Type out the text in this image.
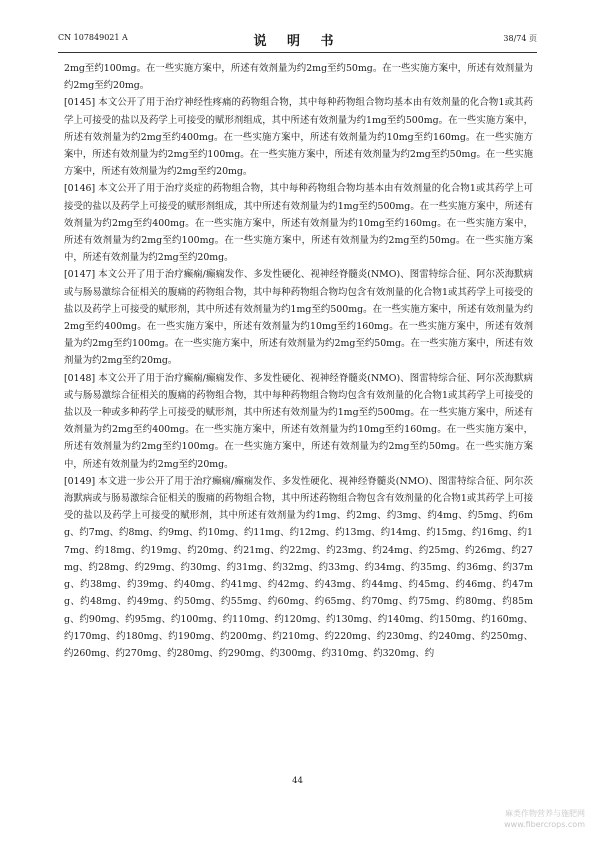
CN 107849021 A	说 明 书	38/74 页

2mg至约100mg。在一些实施方案中，所述有效剂量为约2mg至约50mg。在一些实施方案中，所述有效剂量为约2mg至约20mg。

[0145] 本文公开了用于治疗神经性疼痛的药物组合物，其中每种药物组合物均基本由有效剂量的化合物1或其药学上可接受的盐以及药学上可接受的赋形剂组成，其中所述有效剂量为约1mg至约500mg。在一些实施方案中，所述有效剂量为约2mg至约400mg。在一些实施方案中，所述有效剂量为约10mg至约160mg。在一些实施方案中，所述有效剂量为约2mg至约100mg。在一些实施方案中，所述有效剂量为约2mg至约50mg。在一些实施方案中，所述有效剂量为约2mg至约20mg。

[0146] 本文公开了用于治疗炎症的药物组合物，其中每种药物组合物均基本由有效剂量的化合物1或其药学上可接受的盐以及药学上可接受的赋形剂组成，其中所述有效剂量为约1mg至约500mg。在一些实施方案中，所述有效剂量为约2mg至约400mg。在一些实施方案中，所述有效剂量为约10mg至约160mg。在一些实施方案中，所述有效剂量为约2mg至约100mg。在一些实施方案中，所述有效剂量为约2mg至约50mg。在一些实施方案中，所述有效剂量为约2mg至约20mg。

[0147] 本文公开了用于治疗癫痫/癫痫发作、多发性硬化、视神经脊髓炎(NMO)、图雷特综合征、阿尔茨海默病或与肠易激综合征相关的腹痛的药物组合物，其中每种药物组合物均包含有效剂量的化合物1或其药学上可接受的盐以及药学上可接受的赋形剂，其中所述有效剂量为约1mg至约500mg。在一些实施方案中，所述有效剂量为约2mg至约400mg。在一些实施方案中，所述有效剂量为约10mg至约160mg。在一些实施方案中，所述有效剂量为约2mg至约100mg。在一些实施方案中，所述有效剂量为约2mg至约50mg。在一些实施方案中，所述有效剂量为约2mg至约20mg。

[0148] 本文公开了用于治疗癫痫/癫痫发作、多发性硬化、视神经脊髓炎(NMO)、图雷特综合征、阿尔茨海默病或与肠易激综合征相关的腹痛的药物组合物，其中每种药物组合物均包含有效剂量的化合物1或其药学上可接受的盐以及一种或多种药学上可接受的赋形剂，其中所述有效剂量为约1mg至约500mg。在一些实施方案中，所述有效剂量为约2mg至约400mg。在一些实施方案中，所述有效剂量为约10mg至约160mg。在一些实施方案中，所述有效剂量为约2mg至约100mg。在一些实施方案中，所述有效剂量为约2mg至约50mg。在一些实施方案中，所述有效剂量为约2mg至约20mg。

[0149] 本文进一步公开了用于治疗癫痫/癫痫发作、多发性硬化、视神经脊髓炎(NMO)、图雷特综合征、阿尔茨海默病或与肠易激综合征相关的腹痛的药物组合物，其中所述药物组合物包含有效剂量的化合物1或其药学上可接受的盐以及药学上可接受的赋形剂，其中所述有效剂量为约1mg、约2mg、约3mg、约4mg、约5mg、约6mg、约7mg、约8mg、约9mg、约10mg、约11mg、约12mg、约13mg、约14mg、约15mg、约16mg、约17mg、约18mg、约19mg、约20mg、约21mg、约22mg、约23mg、约24mg、约25mg、约26mg、约27mg、约28mg、约29mg、约30mg、约31mg、约32mg、约33mg、约34mg、约35mg、约36mg、约37mg、约38mg、约39mg、约40mg、约41mg、约42mg、约43mg、约44mg、约45mg、约46mg、约47mg、约48mg、约49mg、约50mg、约55mg、约60mg、约65mg、约70mg、约75mg、约80mg、约85mg、约90mg、约95mg、约100mg、约110mg、约120mg、约130mg、约140mg、约150mg、约160mg、约170mg、约180mg、约190mg、约200mg、约210mg、约220mg、约230mg、约240mg、约250mg、约260mg、约270mg、约280mg、约290mg、约300mg、约310mg、约320mg、约

44
麻类作物营养与施肥网
www.fibercrops.com
